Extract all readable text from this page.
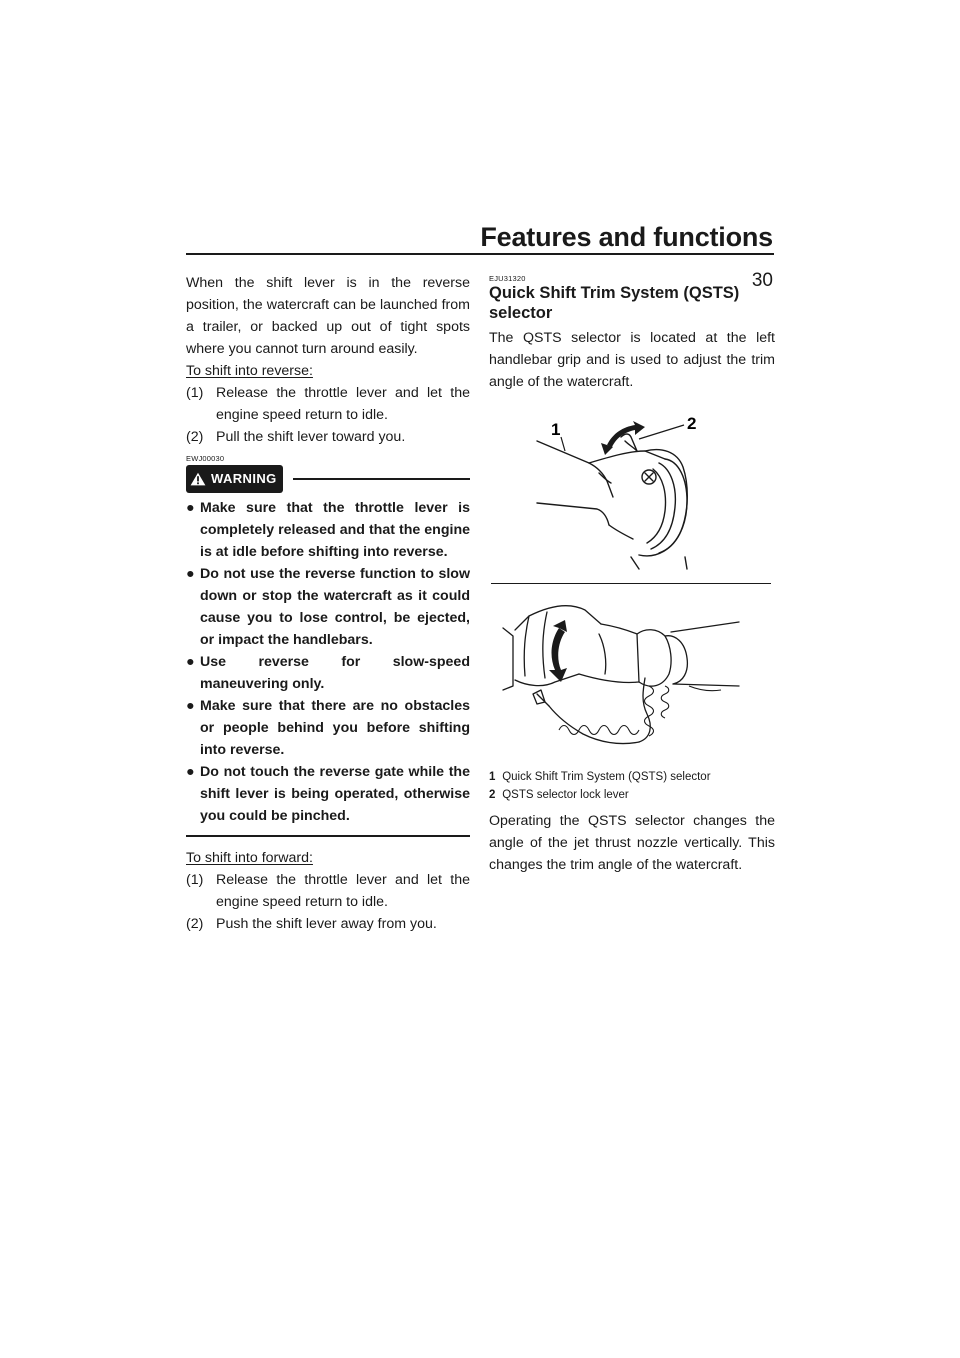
Features and functions
30

When the shift lever is in the reverse position, the watercraft can be launched from a trailer, or backed up out of tight spots where you cannot turn around easily.

To shift into reverse:
(1) Release the throttle lever and let the engine speed return to idle.
(2) Pull the shift lever toward you.
EWJ00030
WARNING
● Make sure that the throttle lever is completely released and that the engine is at idle before shifting into reverse.
● Do not use the reverse function to slow down or stop the watercraft as it could cause you to lose control, be ejected, or impact the handlebars.
● Use reverse for slow-speed maneuvering only.
● Make sure that there are no obstacles or people behind you before shifting into reverse.
● Do not touch the reverse gate while the shift lever is being operated, otherwise you could be pinched.
To shift into forward:
(1) Release the throttle lever and let the engine speed return to idle.
(2) Push the shift lever away from you.
EJU31320
Quick Shift Trim System (QSTS) selector

The QSTS selector is located at the left handlebar grip and is used to adjust the trim angle of the watercraft.

1	2
1 Quick Shift Trim System (QSTS) selector
2 QSTS selector lock lever

Operating the QSTS selector changes the angle of the jet thrust nozzle vertically. This changes the trim angle of the watercraft.
